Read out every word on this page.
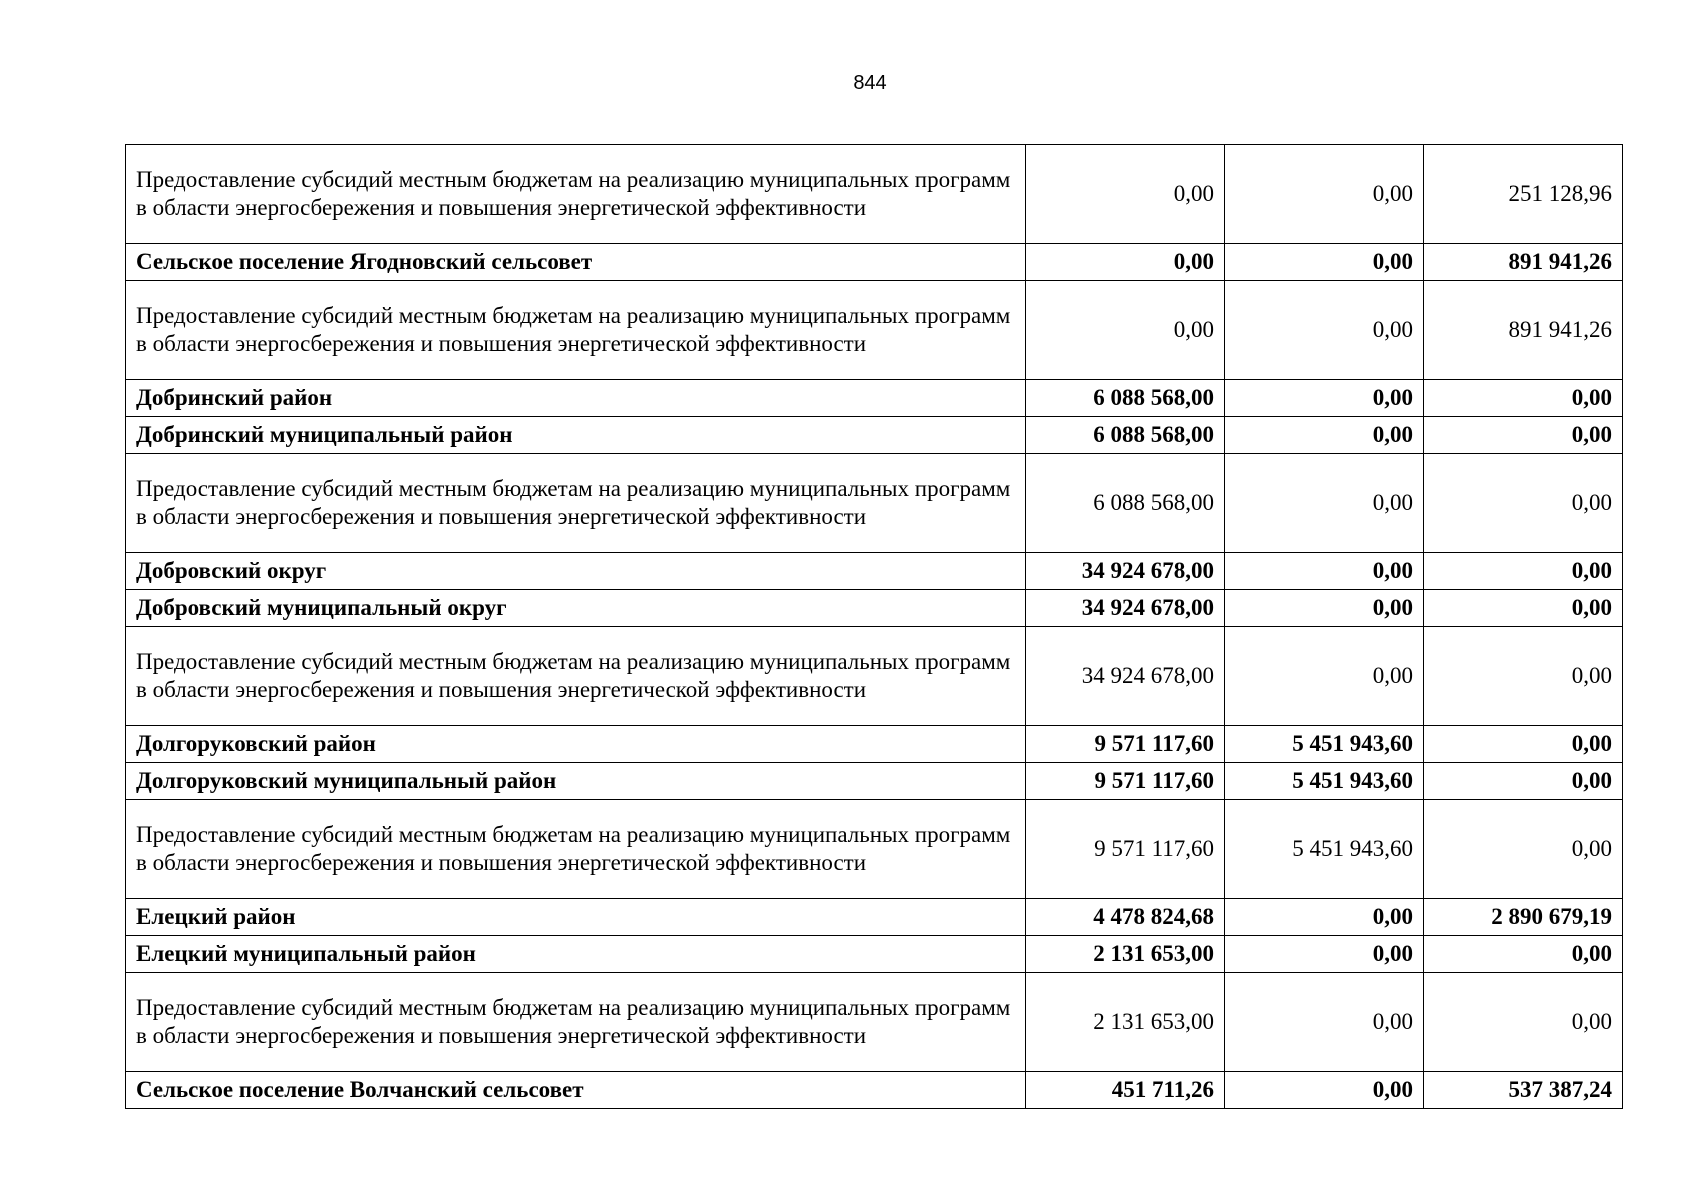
844
Предоставление субсидий местным бюджетам на реализацию муниципальных программ в области энергосбережения и повышения энергетической эффективности	0,00	0,00	251 128,96
Сельское поселение Ягодновский сельсовет	0,00	0,00	891 941,26
Предоставление субсидий местным бюджетам на реализацию муниципальных программ в области энергосбережения и повышения энергетической эффективности	0,00	0,00	891 941,26
Добринский район	6 088 568,00	0,00	0,00
Добринский муниципальный район	6 088 568,00	0,00	0,00
Предоставление субсидий местным бюджетам на реализацию муниципальных программ в области энергосбережения и повышения энергетической эффективности	6 088 568,00	0,00	0,00
Добровский округ	34 924 678,00	0,00	0,00
Добровский муниципальный округ	34 924 678,00	0,00	0,00
Предоставление субсидий местным бюджетам на реализацию муниципальных программ в области энергосбережения и повышения энергетической эффективности	34 924 678,00	0,00	0,00
Долгоруковский район	9 571 117,60	5 451 943,60	0,00
Долгоруковский муниципальный район	9 571 117,60	5 451 943,60	0,00
Предоставление субсидий местным бюджетам на реализацию муниципальных программ в области энергосбережения и повышения энергетической эффективности	9 571 117,60	5 451 943,60	0,00
Елецкий район	4 478 824,68	0,00	2 890 679,19
Елецкий муниципальный район	2 131 653,00	0,00	0,00
Предоставление субсидий местным бюджетам на реализацию муниципальных программ в области энергосбережения и повышения энергетической эффективности	2 131 653,00	0,00	0,00
Сельское поселение Волчанский сельсовет	451 711,26	0,00	537 387,24
